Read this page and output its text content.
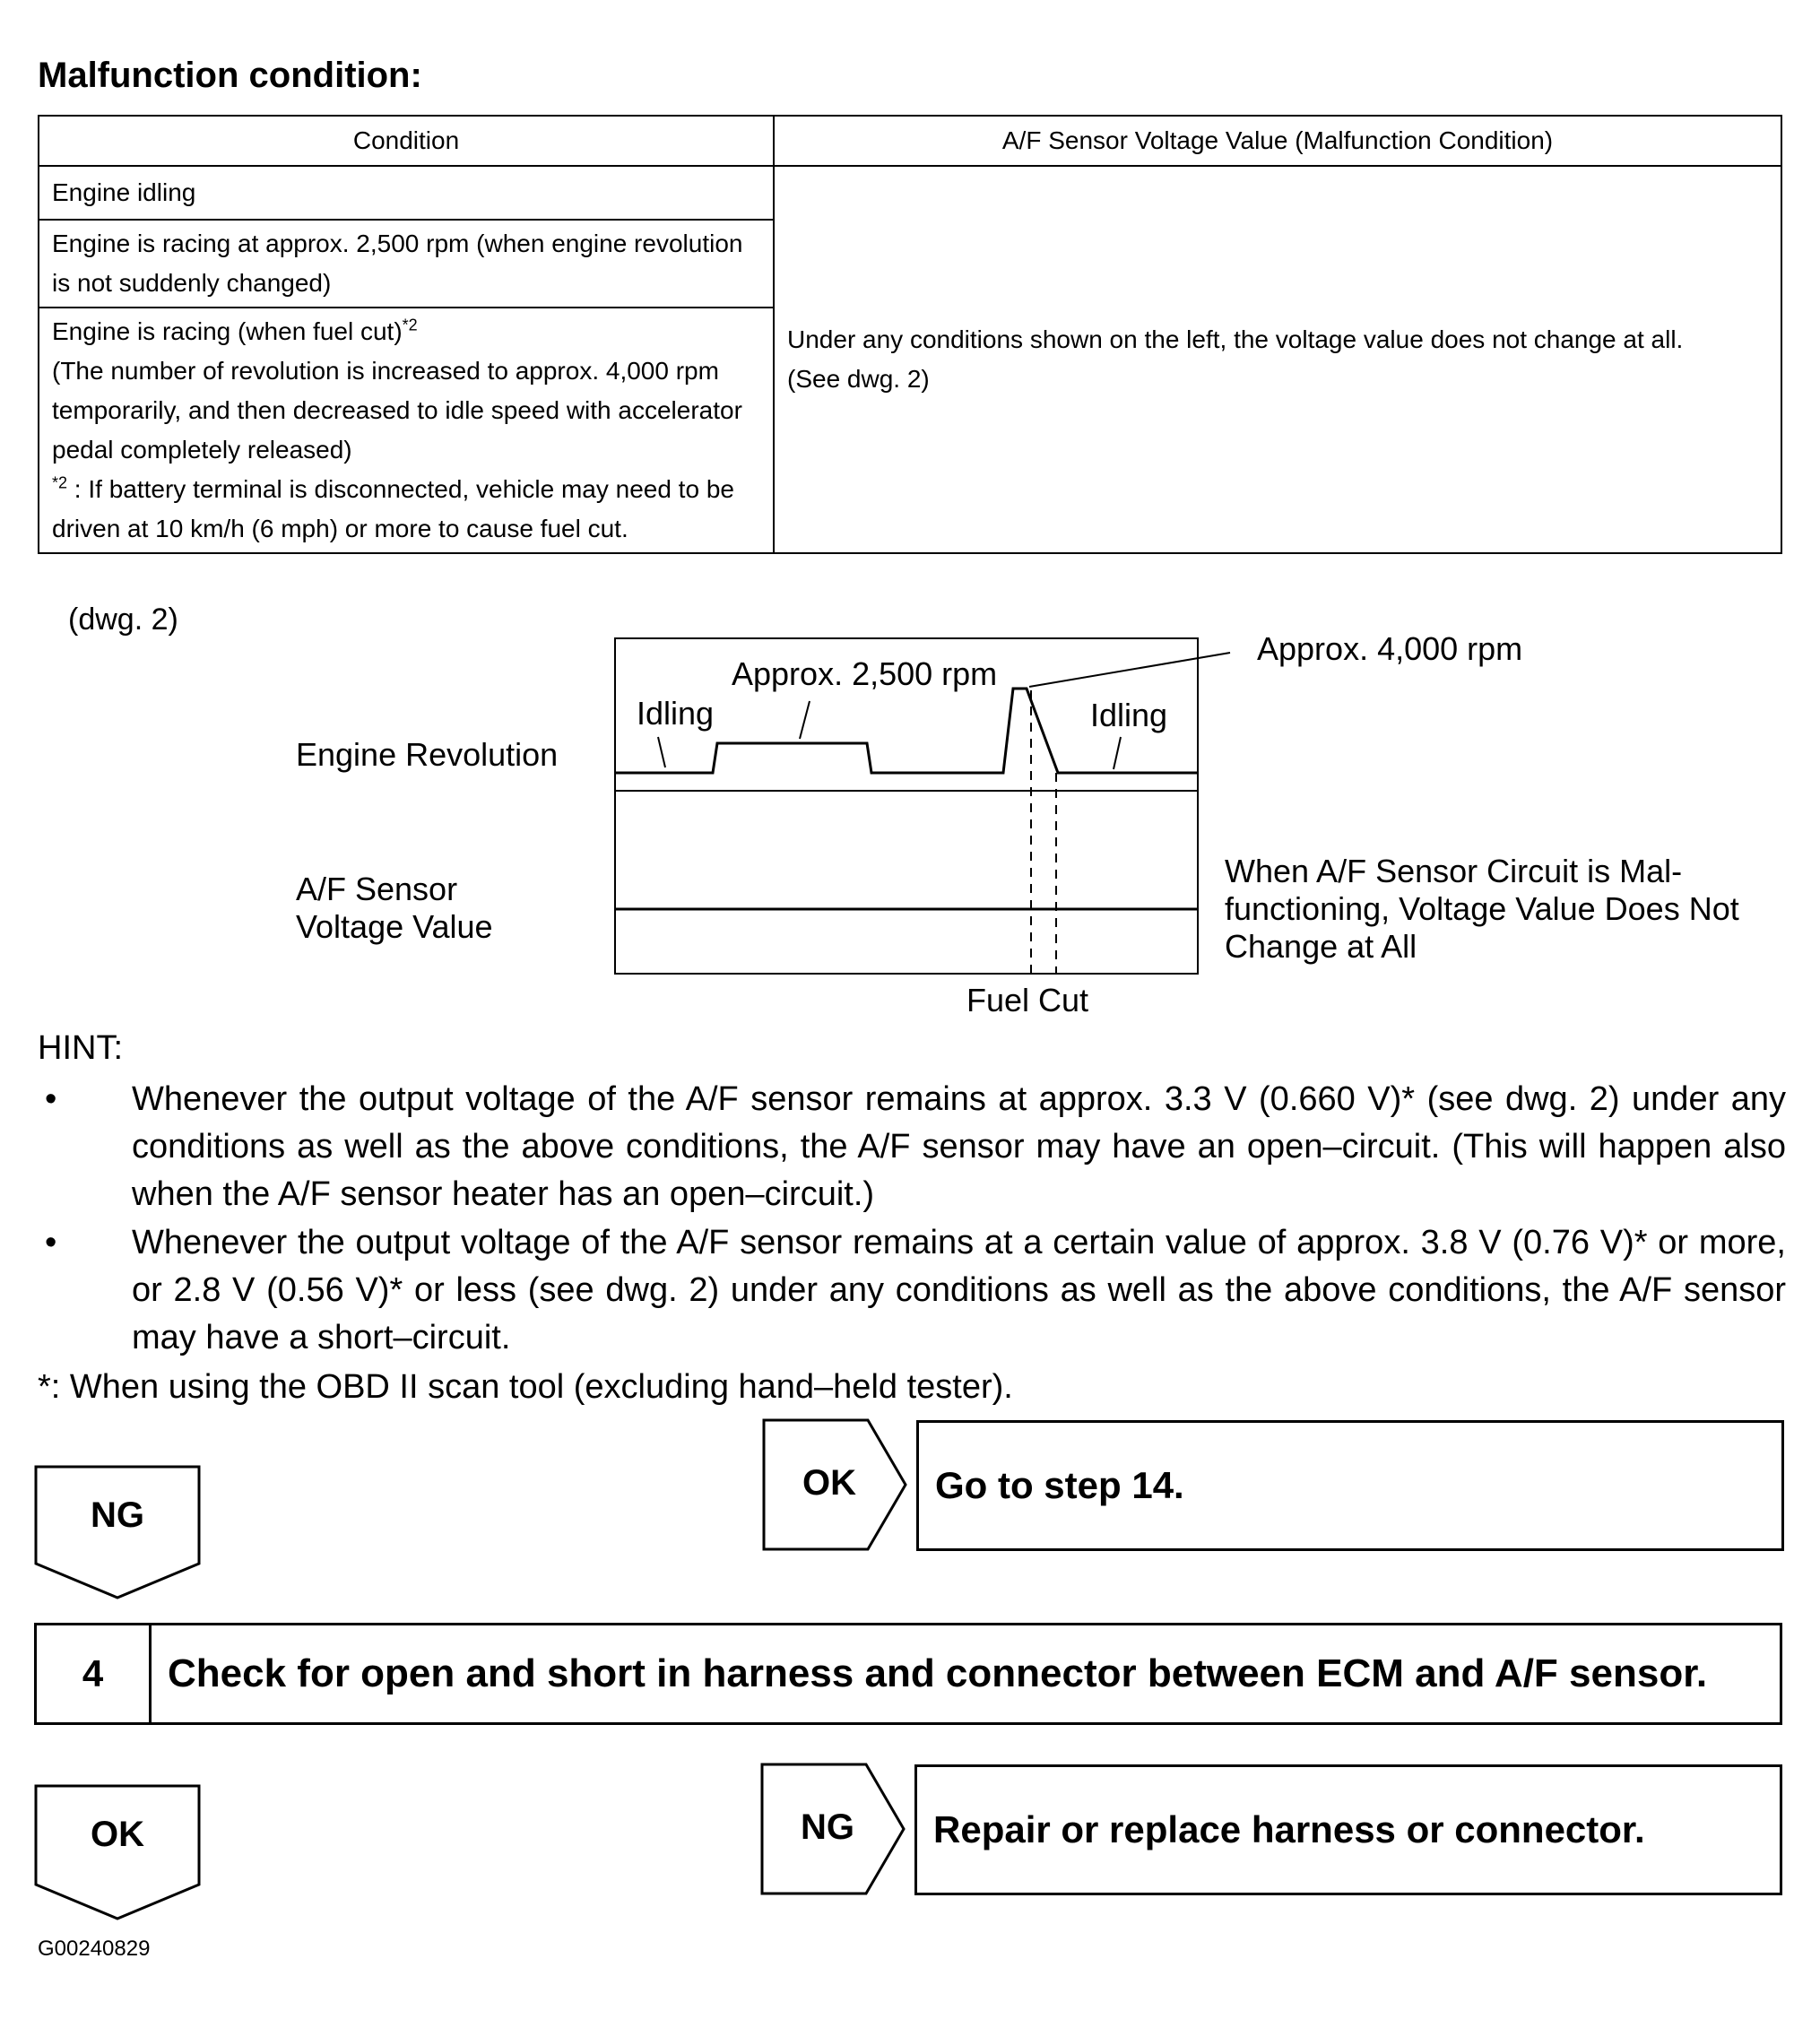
Malfunction condition:
Condition	A/F Sensor Voltage Value (Malfunction Condition)
Engine idling	Under any conditions shown on the left, the voltage value does not change at all.
(See dwg. 2)

Engine is racing at approx. 2,500 rpm (when engine revolution is not suddenly changed)	
Engine is racing (when fuel cut)$^{*2}$
(The number of revolution is increased to approx. 4,000 rpm temporarily, and then decreased to idle speed with accelerator pedal completely released)
$^{*2}$ : If battery terminal is disconnected, vehicle may need to be driven at 10 km/h (6 mph) or more to cause fuel cut.	
(dwg. 2)
Engine Revolution
A/F Sensor
Voltage Value
Idling
Approx. 2,500 rpm
Idling
Approx. 4,000 rpm
Fuel Cut
When A/F Sensor Circuit is Mal-
functioning, Voltage Value Does Not
Change at All
HINT:
• Whenever the output voltage of the A/F sensor remains at approx. 3.3 V (0.660 V)* (see dwg. 2) under any conditions as well as the above conditions, the A/F sensor may have an open–circuit. (This will happen also when the A/F sensor heater has an open–circuit.)
• Whenever the output voltage of the A/F sensor remains at a certain value of approx. 3.8 V (0.76 V)* or more, or 2.8 V (0.56 V)* or less (see dwg. 2) under any conditions as well as the above conditions, the A/F sensor may have a short–circuit.
*: When using the OBD II scan tool (excluding hand–held tester).
NG
OK	Go to step 14.
4	Check for open and short in harness and connector between ECM and A/F sensor.
OK	NG	Repair or replace harness or connector.
G00240829
